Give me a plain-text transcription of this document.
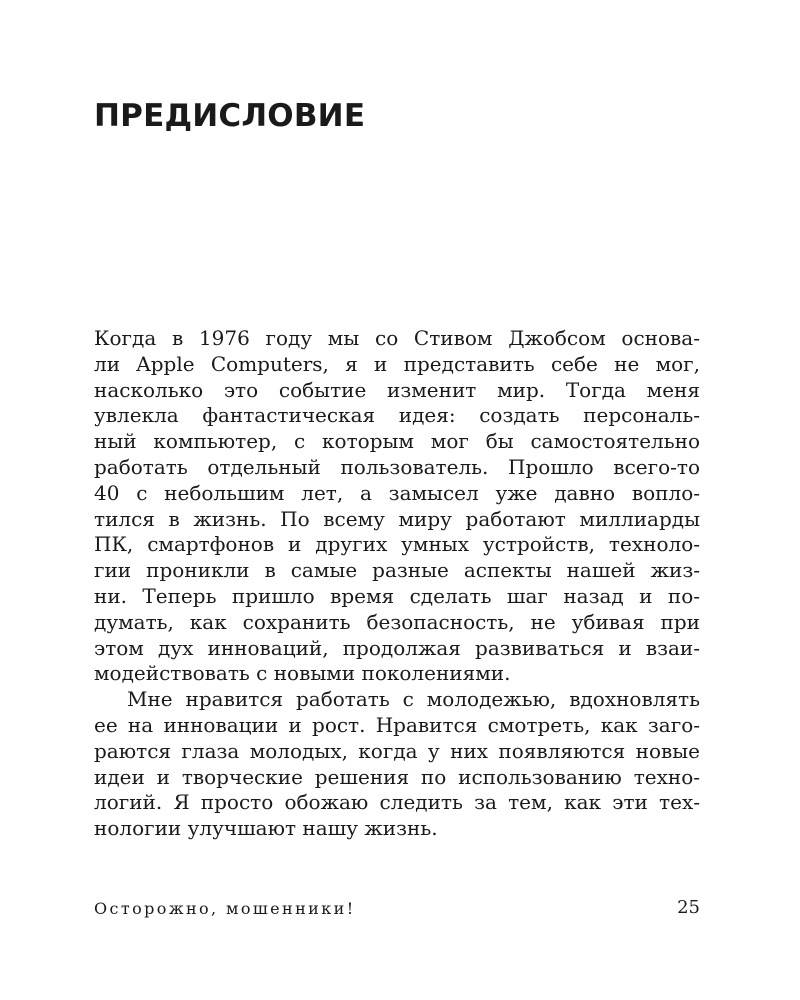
ПРЕДИСЛОВИЕ

Когда в 1976 году мы со Стивом Джобсом основа-
ли Apple Computers, я и представить себе не мог,
насколько это событие изменит мир. Тогда меня
увлекла фантастическая идея: создать персональ-
ный компьютер, с которым мог бы самостоятельно
работать отдельный пользователь. Прошло всего-то
40 с небольшим лет, а замысел уже давно вопло-
тился в жизнь. По всему миру работают миллиарды
ПК, смартфонов и других умных устройств, техноло-
гии проникли в самые разные аспекты нашей жиз-
ни. Теперь пришло время сделать шаг назад и по-
думать, как сохранить безопасность, не убивая при
этом дух инноваций, продолжая развиваться и взаи-
модействовать с новыми поколениями.

Мне нравится работать с молодежью, вдохновлять
ее на инновации и рост. Нравится смотреть, как заго-
раются глаза молодых, когда у них появляются новые
идеи и творческие решения по использованию техно-
логий. Я просто обожаю следить за тем, как эти тех-
нологии улучшают нашу жизнь.

Осторожно, мошенники!	25
